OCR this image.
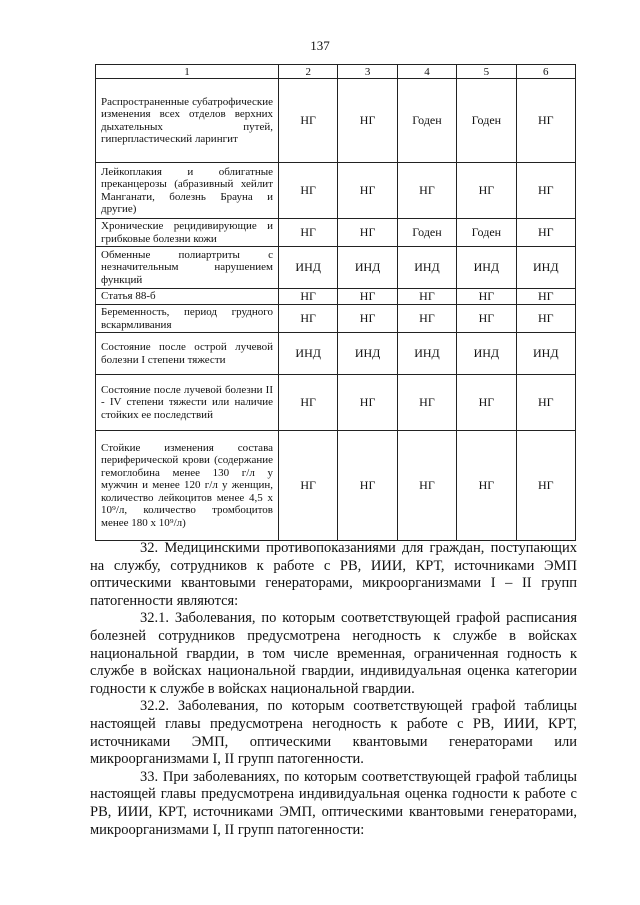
137
1	2	3	4	5	6
Распространенные субатрофические изменения всех отделов верхних дыхательных путей, гиперпластический ларингит	НГ	НГ	Годен	Годен	НГ
Лейкоплакия и облигатные преканцерозы (абразивный хейлит Манганати, болезнь Брауна и другие)	НГ	НГ	НГ	НГ	НГ
Хронические рецидивирующие и грибковые болезни кожи	НГ	НГ	Годен	Годен	НГ
Обменные полиартриты с незначительным нарушением функций	ИНД	ИНД	ИНД	ИНД	ИНД
Статья 88-б	НГ	НГ	НГ	НГ	НГ
Беременность, период грудного вскармливания	НГ	НГ	НГ	НГ	НГ
Состояние после острой лучевой болезни I степени тяжести	ИНД	ИНД	ИНД	ИНД	ИНД
Состояние после лучевой болезни II - IV степени тяжести или наличие стойких ее последствий	НГ	НГ	НГ	НГ	НГ
Стойкие изменения состава периферической крови (содержание гемоглобина менее 130 г/л у мужчин и менее 120 г/л у женщин, количество лейкоцитов менее 4,5 х 10⁹/л, количество тромбоцитов менее 180 х 10⁹/л)	НГ	НГ	НГ	НГ	НГ

32. Медицинскими противопоказаниями для граждан, поступающих на службу, сотрудников к работе с РВ, ИИИ, КРТ, источниками ЭМП оптическими квантовыми генераторами, микроорганизмами I – II групп патогенности являются:

32.1. Заболевания, по которым соответствующей графой расписания болезней сотрудников предусмотрена негодность к службе в войсках национальной гвардии, в том числе временная, ограниченная годность к службе в войсках национальной гвардии, индивидуальная оценка категории годности к службе в войсках национальной гвардии.

32.2. Заболевания, по которым соответствующей графой таблицы настоящей главы предусмотрена негодность к работе с РВ, ИИИ, КРТ, источниками ЭМП, оптическими квантовыми генераторами или микроорганизмами I, II групп патогенности.

33. При заболеваниях, по которым соответствующей графой таблицы настоящей главы предусмотрена индивидуальная оценка годности к работе с РВ, ИИИ, КРТ, источниками ЭМП, оптическими квантовыми генераторами, микроорганизмами I, II групп патогенности:
